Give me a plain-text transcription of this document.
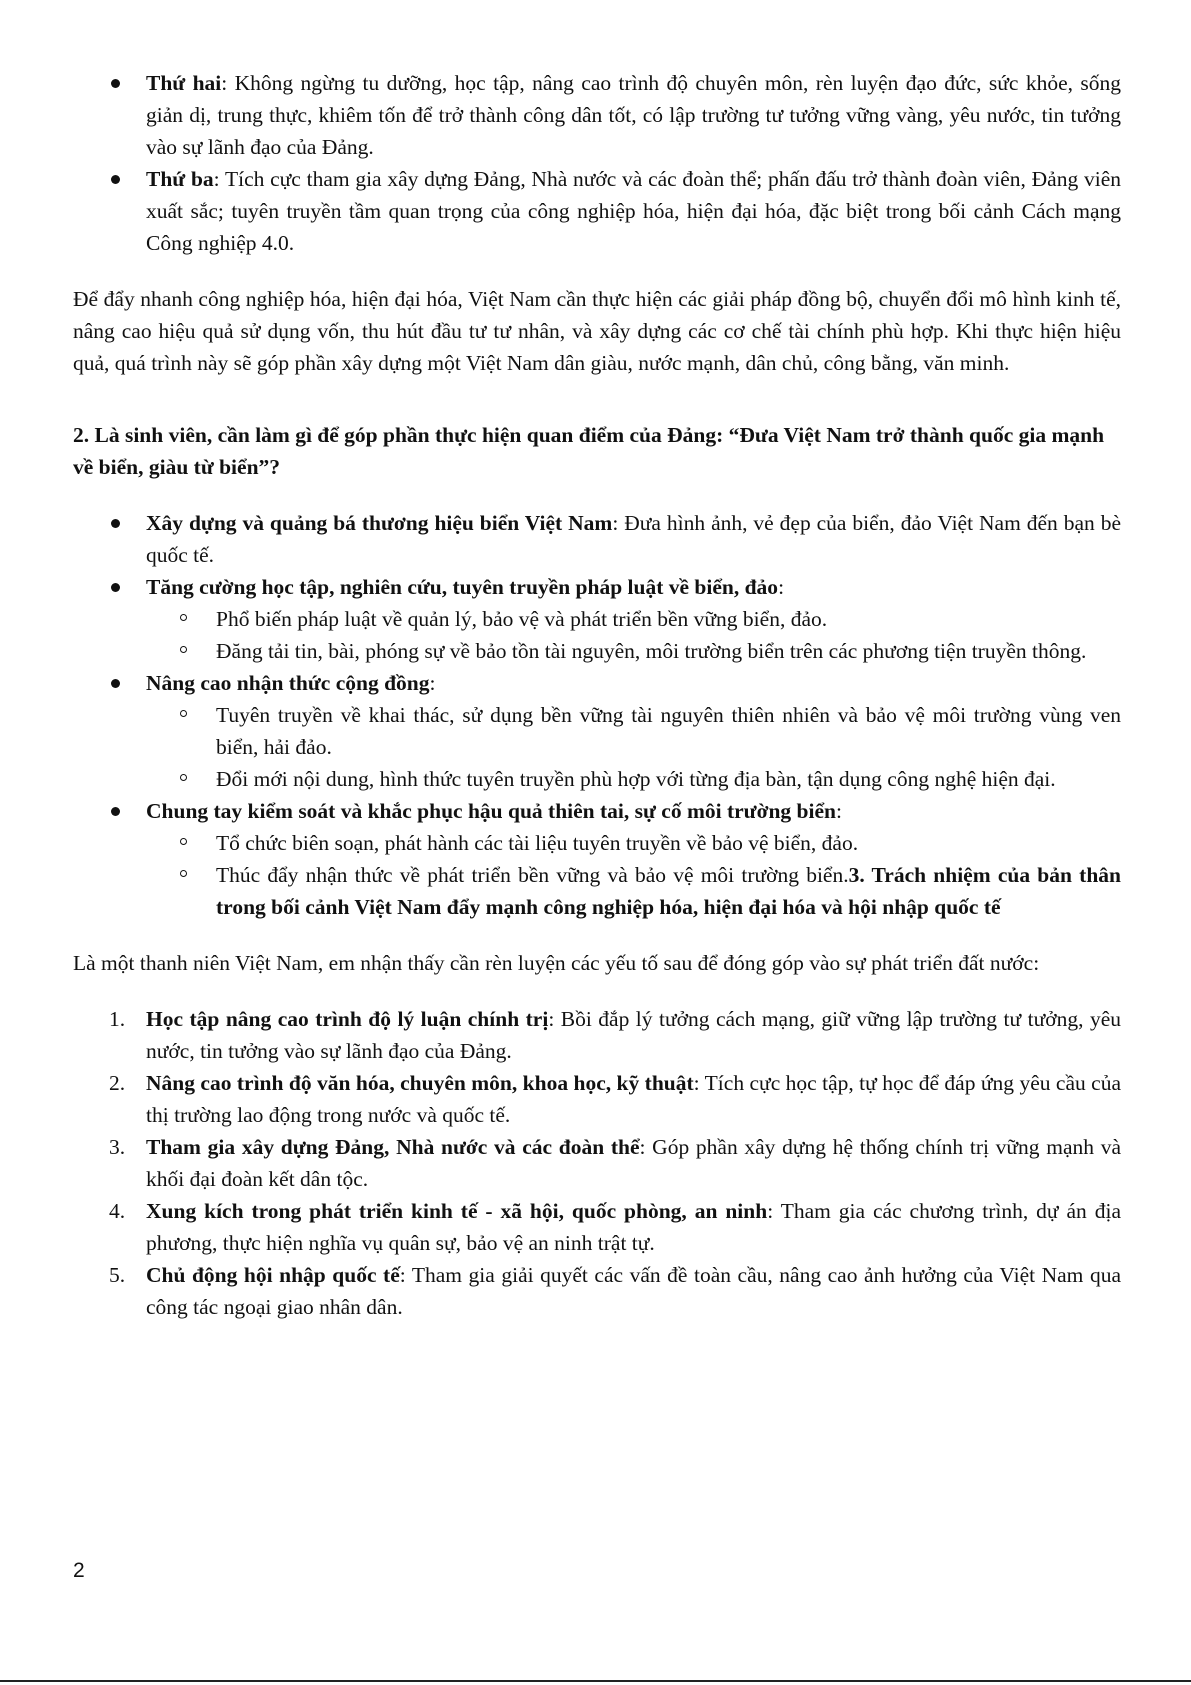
Thứ hai: Không ngừng tu dưỡng, học tập, nâng cao trình độ chuyên môn, rèn luyện đạo đức, sức khỏe, sống giản dị, trung thực, khiêm tốn để trở thành công dân tốt, có lập trường tư tưởng vững vàng, yêu nước, tin tưởng vào sự lãnh đạo của Đảng.
Thứ ba: Tích cực tham gia xây dựng Đảng, Nhà nước và các đoàn thể; phấn đấu trở thành đoàn viên, Đảng viên xuất sắc; tuyên truyền tầm quan trọng của công nghiệp hóa, hiện đại hóa, đặc biệt trong bối cảnh Cách mạng Công nghiệp 4.0.

Để đẩy nhanh công nghiệp hóa, hiện đại hóa, Việt Nam cần thực hiện các giải pháp đồng bộ, chuyển đổi mô hình kinh tế, nâng cao hiệu quả sử dụng vốn, thu hút đầu tư tư nhân, và xây dựng các cơ chế tài chính phù hợp. Khi thực hiện hiệu quả, quá trình này sẽ góp phần xây dựng một Việt Nam dân giàu, nước mạnh, dân chủ, công bằng, văn minh.

2. Là sinh viên, cần làm gì để góp phần thực hiện quan điểm của Đảng: “Đưa Việt Nam trở thành quốc gia mạnh về biển, giàu từ biển”?

Xây dựng và quảng bá thương hiệu biển Việt Nam: Đưa hình ảnh, vẻ đẹp của biển, đảo Việt Nam đến bạn bè quốc tế.
Tăng cường học tập, nghiên cứu, tuyên truyền pháp luật về biển, đảo:
Phổ biến pháp luật về quản lý, bảo vệ và phát triển bền vững biển, đảo.
Đăng tải tin, bài, phóng sự về bảo tồn tài nguyên, môi trường biển trên các phương tiện truyền thông.
Nâng cao nhận thức cộng đồng:
Tuyên truyền về khai thác, sử dụng bền vững tài nguyên thiên nhiên và bảo vệ môi trường vùng ven biển, hải đảo.
Đổi mới nội dung, hình thức tuyên truyền phù hợp với từng địa bàn, tận dụng công nghệ hiện đại.
Chung tay kiểm soát và khắc phục hậu quả thiên tai, sự cố môi trường biển:
Tổ chức biên soạn, phát hành các tài liệu tuyên truyền về bảo vệ biển, đảo.
Thúc đẩy nhận thức về phát triển bền vững và bảo vệ môi trường biển.3. Trách nhiệm của bản thân trong bối cảnh Việt Nam đẩy mạnh công nghiệp hóa, hiện đại hóa và hội nhập quốc tế

Là một thanh niên Việt Nam, em nhận thấy cần rèn luyện các yếu tố sau để đóng góp vào sự phát triển đất nước:

1. Học tập nâng cao trình độ lý luận chính trị: Bồi đắp lý tưởng cách mạng, giữ vững lập trường tư tưởng, yêu nước, tin tưởng vào sự lãnh đạo của Đảng.
2. Nâng cao trình độ văn hóa, chuyên môn, khoa học, kỹ thuật: Tích cực học tập, tự học để đáp ứng yêu cầu của thị trường lao động trong nước và quốc tế.
3. Tham gia xây dựng Đảng, Nhà nước và các đoàn thể: Góp phần xây dựng hệ thống chính trị vững mạnh và khối đại đoàn kết dân tộc.
4. Xung kích trong phát triển kinh tế - xã hội, quốc phòng, an ninh: Tham gia các chương trình, dự án địa phương, thực hiện nghĩa vụ quân sự, bảo vệ an ninh trật tự.
5. Chủ động hội nhập quốc tế: Tham gia giải quyết các vấn đề toàn cầu, nâng cao ảnh hưởng của Việt Nam qua công tác ngoại giao nhân dân.
2
